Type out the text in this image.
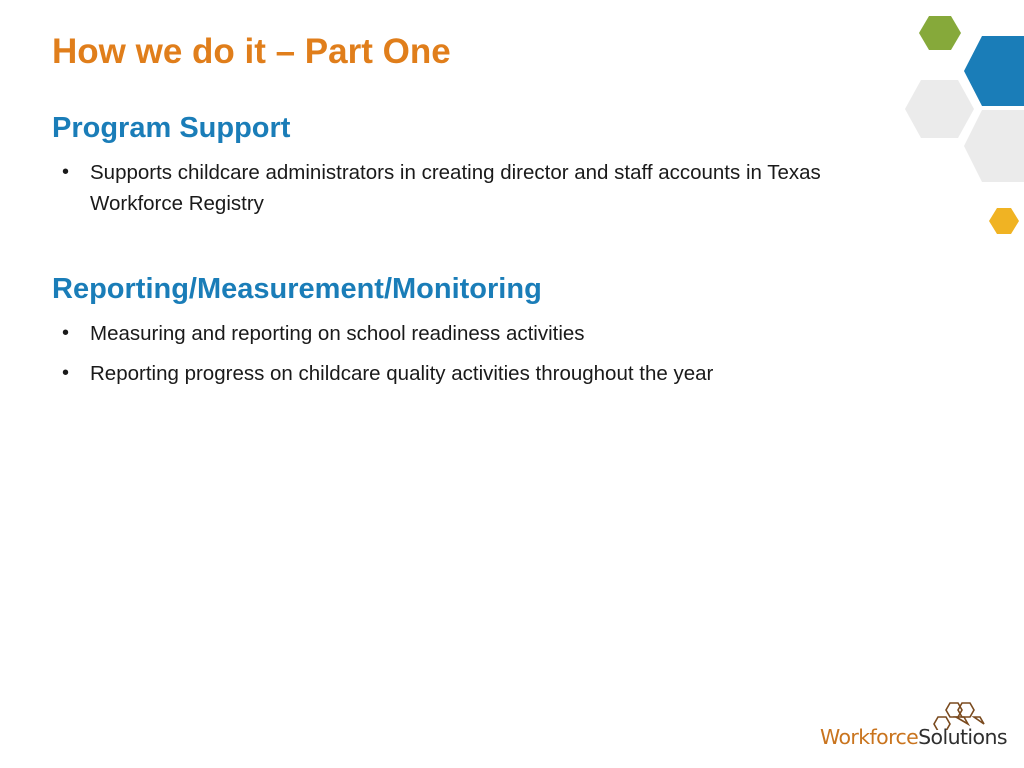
How we do it – Part One
Program Support
• Supports childcare administrators in creating director and staff accounts in Texas Workforce Registry
Reporting/Measurement/Monitoring
• Measuring and reporting on school readiness activities
• Reporting progress on childcare quality activities throughout the year
WorkforceSolutions
